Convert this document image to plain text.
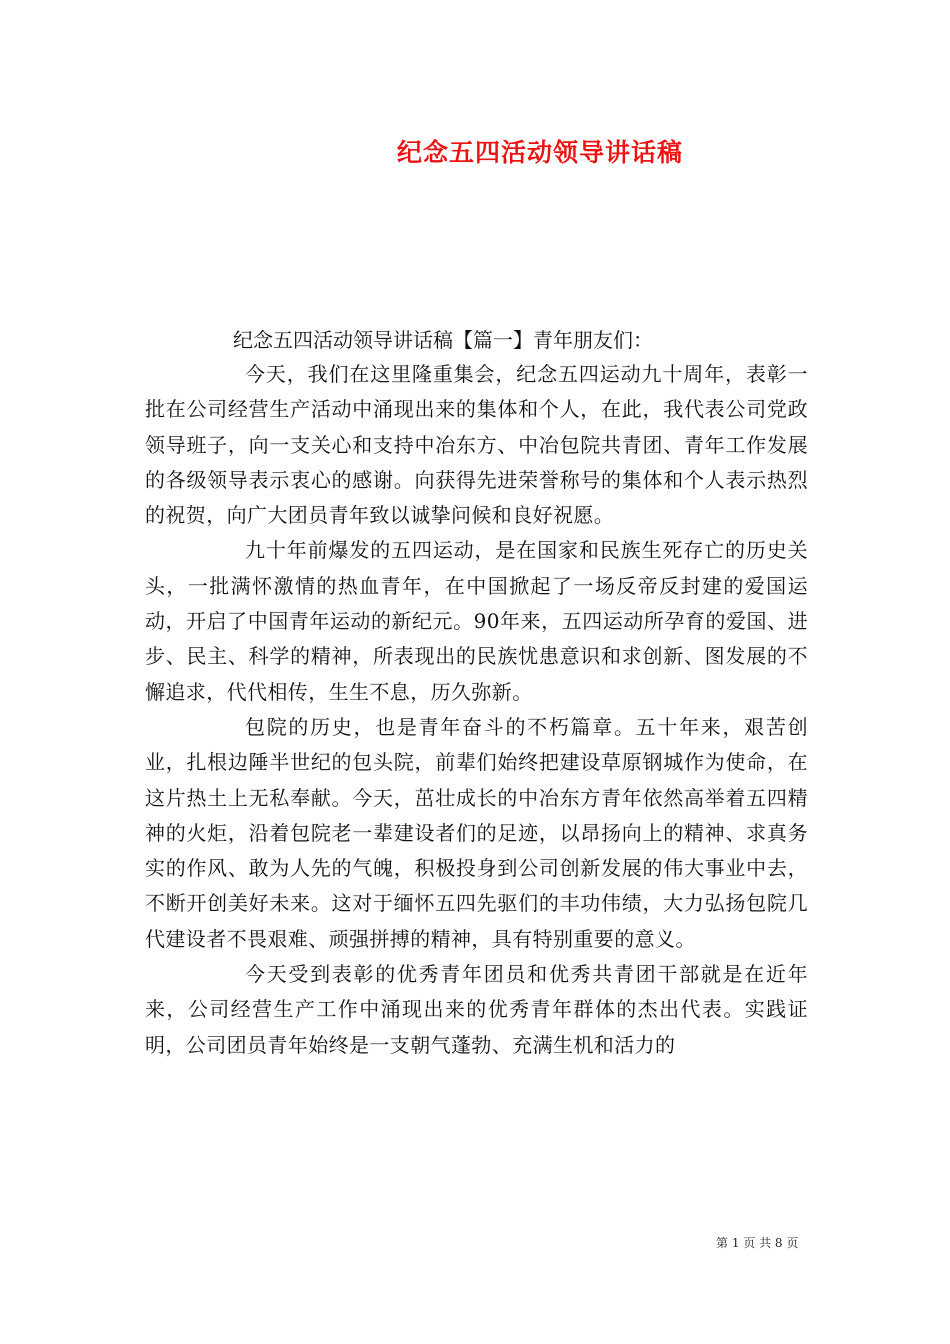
纪念五四活动领导讲话稿

纪念五四活动领导讲话稿【篇一】青年朋友们：

今天，我们在这里隆重集会，纪念五四运动九十周年，表彰一批在公司经营生产活动中涌现出来的集体和个人，在此，我代表公司党政领导班子，向一支关心和支持中冶东方、中冶包院共青团、青年工作发展的各级领导表示衷心的感谢。向获得先进荣誉称号的集体和个人表示热烈的祝贺，向广大团员青年致以诚挚问候和良好祝愿。

九十年前爆发的五四运动，是在国家和民族生死存亡的历史关头，一批满怀激情的热血青年，在中国掀起了一场反帝反封建的爱国运动，开启了中国青年运动的新纪元。90年来，五四运动所孕育的爱国、进步、民主、科学的精神，所表现出的民族忧患意识和求创新、图发展的不懈追求，代代相传，生生不息，历久弥新。

包院的历史，也是青年奋斗的不朽篇章。五十年来，艰苦创业，扎根边陲半世纪的包头院，前辈们始终把建设草原钢城作为使命，在这片热土上无私奉献。今天，茁壮成长的中冶东方青年依然高举着五四精神的火炬，沿着包院老一辈建设者们的足迹，以昂扬向上的精神、求真务实的作风、敢为人先的气魄，积极投身到公司创新发展的伟大事业中去，不断开创美好未来。这对于缅怀五四先驱们的丰功伟绩，大力弘扬包院几代建设者不畏艰难、顽强拼搏的精神，具有特别重要的意义。

今天受到表彰的优秀青年团员和优秀共青团干部就是在近年来，公司经营生产工作中涌现出来的优秀青年群体的杰出代表。实践证明，公司团员青年始终是一支朝气蓬勃、充满生机和活力的

第 1 页 共 8 页
